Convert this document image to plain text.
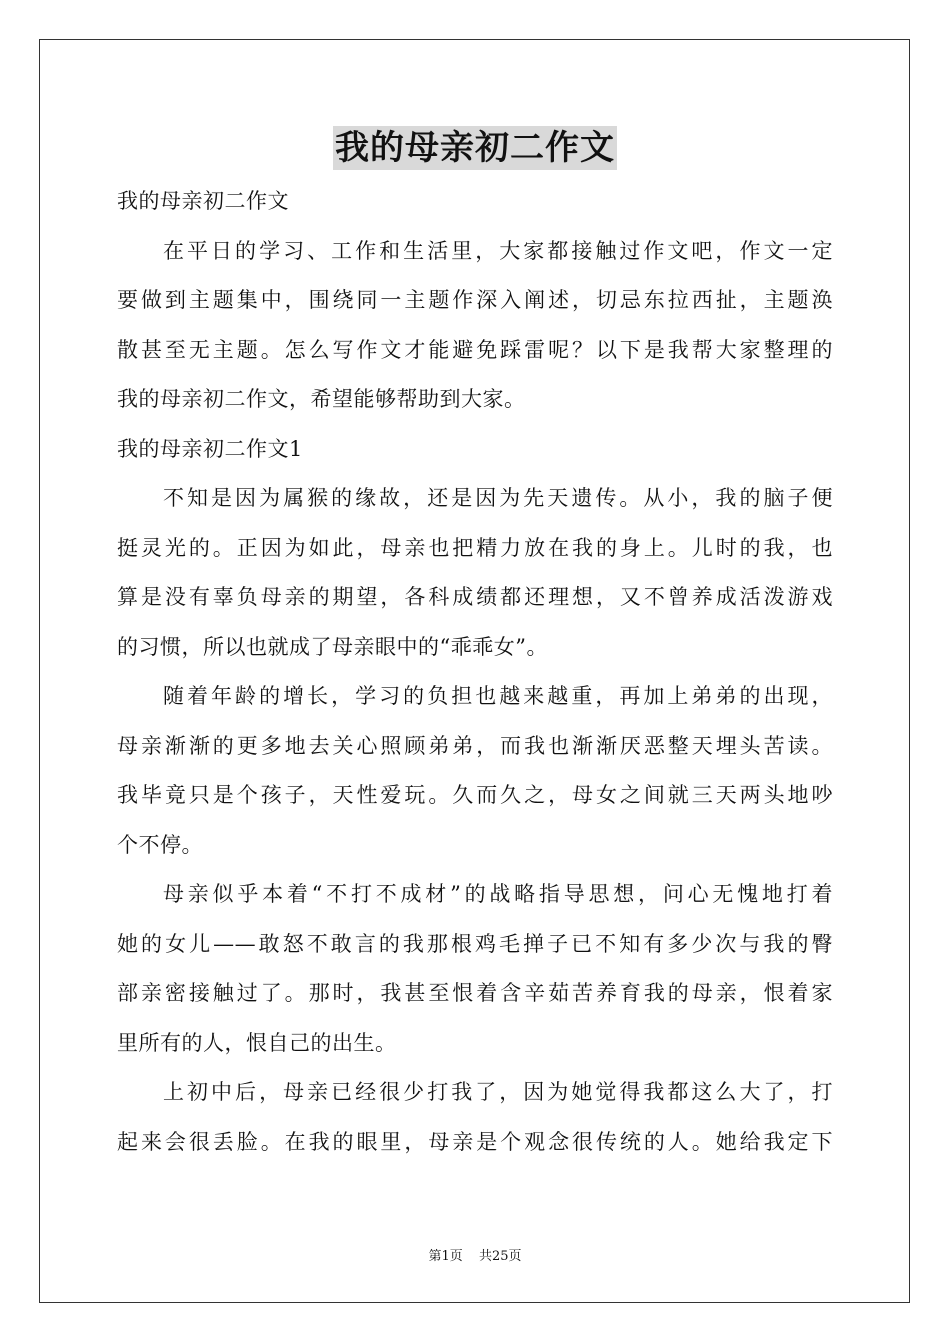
我的母亲初二作文
我的母亲初二作文
在平日的学习、工作和生活里，大家都接触过作文吧，作文一定
要做到主题集中，围绕同一主题作深入阐述，切忌东拉西扯，主题涣
散甚至无主题。怎么写作文才能避免踩雷呢？以下是我帮大家整理的
我的母亲初二作文，希望能够帮助到大家。
我的母亲初二作文1
不知是因为属猴的缘故，还是因为先天遗传。从小，我的脑子便
挺灵光的。正因为如此，母亲也把精力放在我的身上。儿时的我，也
算是没有辜负母亲的期望，各科成绩都还理想，又不曾养成活泼游戏
的习惯，所以也就成了母亲眼中的“乖乖女”。
随着年龄的增长，学习的负担也越来越重，再加上弟弟的出现，
母亲渐渐的更多地去关心照顾弟弟，而我也渐渐厌恶整天埋头苦读。
我毕竟只是个孩子，天性爱玩。久而久之，母女之间就三天两头地吵
个不停。
母亲似乎本着“不打不成材”的战略指导思想，问心无愧地打着
她的女儿——敢怒不敢言的我那根鸡毛掸子已不知有多少次与我的臀
部亲密接触过了。那时，我甚至恨着含辛茹苦养育我的母亲，恨着家
里所有的人，恨自己的出生。
上初中后，母亲已经很少打我了，因为她觉得我都这么大了，打
起来会很丢脸。在我的眼里，母亲是个观念很传统的人。她给我定下
第1页 共25页
